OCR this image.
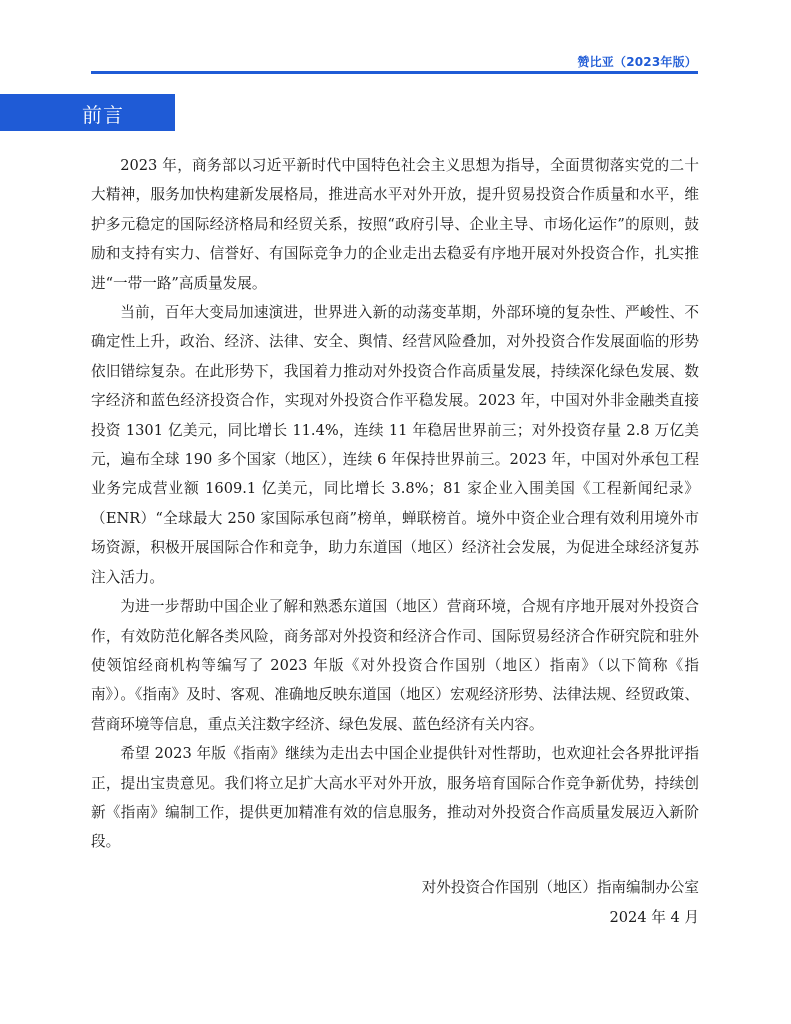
赞比亚（2023年版）
前言

2023 年，商务部以习近平新时代中国特色社会主义思想为指导，全面贯彻落实党的二十大精神，服务加快构建新发展格局，推进高水平对外开放，提升贸易投资合作质量和水平，维护多元稳定的国际经济格局和经贸关系，按照“政府引导、企业主导、市场化运作”的原则，鼓励和支持有实力、信誉好、有国际竞争力的企业走出去稳妥有序地开展对外投资合作，扎实推进“一带一路”高质量发展。

当前，百年大变局加速演进，世界进入新的动荡变革期，外部环境的复杂性、严峻性、不确定性上升，政治、经济、法律、安全、舆情、经营风险叠加，对外投资合作发展面临的形势依旧错综复杂。在此形势下，我国着力推动对外投资合作高质量发展，持续深化绿色发展、数字经济和蓝色经济投资合作，实现对外投资合作平稳发展。2023 年，中国对外非金融类直接投资 1301 亿美元，同比增长 11.4%，连续 11 年稳居世界前三；对外投资存量 2.8 万亿美元，遍布全球 190 多个国家（地区），连续 6 年保持世界前三。2023 年，中国对外承包工程业务完成营业额 1609.1 亿美元，同比增长 3.8%；81 家企业入围美国《工程新闻纪录》（ENR）“全球最大 250 家国际承包商”榜单，蝉联榜首。境外中资企业合理有效利用境外市场资源，积极开展国际合作和竞争，助力东道国（地区）经济社会发展，为促进全球经济复苏注入活力。

为进一步帮助中国企业了解和熟悉东道国（地区）营商环境，合规有序地开展对外投资合作，有效防范化解各类风险，商务部对外投资和经济合作司、国际贸易经济合作研究院和驻外使领馆经商机构等编写了 2023 年版《对外投资合作国别（地区）指南》（以下简称《指南》）。《指南》及时、客观、准确地反映东道国（地区）宏观经济形势、法律法规、经贸政策、营商环境等信息，重点关注数字经济、绿色发展、蓝色经济有关内容。

希望 2023 年版《指南》继续为走出去中国企业提供针对性帮助，也欢迎社会各界批评指正，提出宝贵意见。我们将立足扩大高水平对外开放，服务培育国际合作竞争新优势，持续创新《指南》编制工作，提供更加精准有效的信息服务，推动对外投资合作高质量发展迈入新阶段。

对外投资合作国别（地区）指南编制办公室
2024 年 4 月
